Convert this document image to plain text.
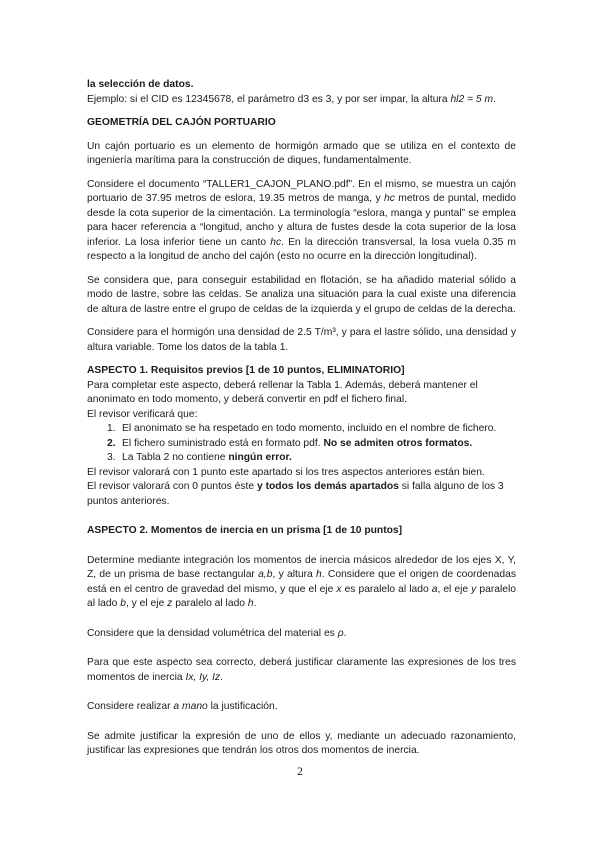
la selección de datos.

Ejemplo: si el CID es 12345678, el parámetro d3 es 3, y por ser impar, la altura hl2 = 5 m.

GEOMETRÍA DEL CAJÓN PORTUARIO

Un cajón portuario es un elemento de hormigón armado que se utiliza en el contexto de ingeniería marítima para la construcción de diques, fundamentalmente.

Considere el documento “TALLER1_CAJON_PLANO.pdf”. En el mismo, se muestra un cajón portuario de 37.95 metros de eslora, 19.35 metros de manga, y hc metros de puntal, medido desde la cota superior de la cimentación. La terminología “eslora, manga y puntal” se emplea para hacer referencia a “longitud, ancho y altura de fustes desde la cota superior de la losa inferior. La losa inferior tiene un canto hc. En la dirección transversal, la losa vuela 0.35 m respecto a la longitud de ancho del cajón (esto no ocurre en la dirección longitudinal).

Se considera que, para conseguir estabilidad en flotación, se ha añadido material sólido a modo de lastre, sobre las celdas. Se analiza una situación para la cual existe una diferencia de altura de lastre entre el grupo de celdas de la izquierda y el grupo de celdas de la derecha.

Considere para el hormigón una densidad de 2.5 T/m³, y para el lastre sólido, una densidad y altura variable. Tome los datos de la tabla 1.

ASPECTO 1. Requisitos previos [1 de 10 puntos, ELIMINATORIO]

Para completar este aspecto, deberá rellenar la Tabla 1. Además, deberá mantener el anonimato en todo momento, y deberá convertir en pdf el fichero final.

El revisor verificará que:

1. El anonimato se ha respetado en todo momento, incluido en el nombre de fichero.
2. El fichero suministrado está en formato pdf. No se admiten otros formatos.
3. La Tabla 2 no contiene ningún error.

El revisor valorará con 1 punto este apartado si los tres aspectos anteriores están bien.

El revisor valorará con 0 puntos éste y todos los demás apartados si falla alguno de los 3 puntos anteriores.

ASPECTO 2. Momentos de inercia en un prisma [1 de 10 puntos]

Determine mediante integración los momentos de inercia másicos alrededor de los ejes X, Y, Z, de un prisma de base rectangular a,b, y altura h. Considere que el origen de coordenadas está en el centro de gravedad del mismo, y que el eje x es paralelo al lado a, el eje y paralelo al lado b, y el eje z paralelo al lado h.

Considere que la densidad volumétrica del material es ρ.

Para que este aspecto sea correcto, deberá justificar claramente las expresiones de los tres momentos de inercia Ix, Iy, Iz.

Considere realizar a mano la justificación.

Se admite justificar la expresión de uno de ellos y, mediante un adecuado razonamiento, justificar las expresiones que tendrán los otros dos momentos de inercia.

2
